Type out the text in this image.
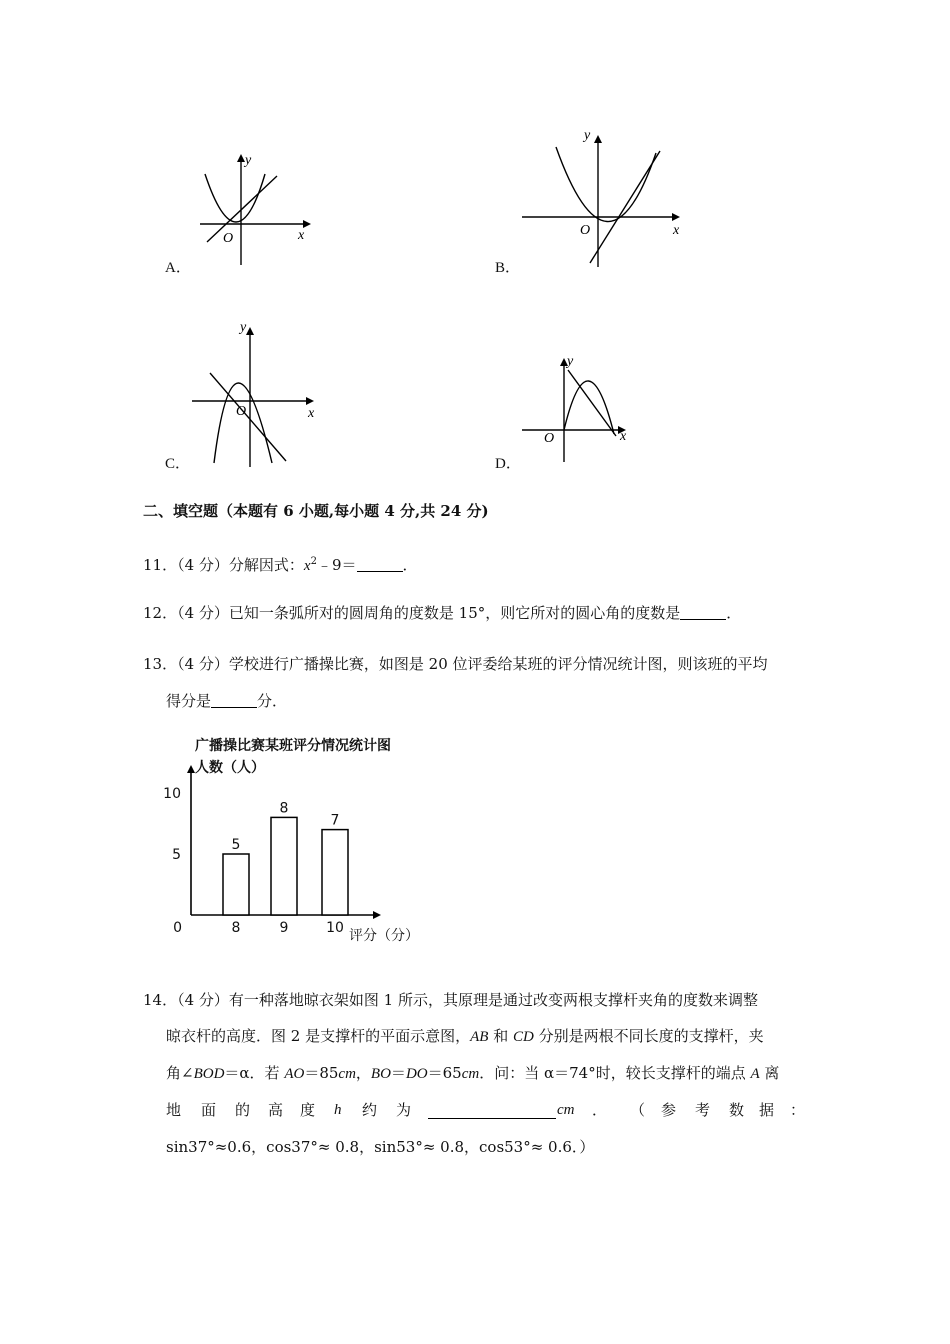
x
y
O
A．
x
y
O
B．
x
y
O
C．
x
y
O
D．
二、填空题（本题有 6 小题,每小题 4 分,共 24 分)
11．（4 分）分解因式：$x^2﹣9=$	．
12．（4 分）已知一条弧所对的圆周角的度数是 15°，则它所对的圆心角的度数是	．
13．（4 分）学校进行广播操比赛，如图是 20 位评委给某班的评分情况统计图，则该班的平均
得分是	分．
广播操比赛某班评分情况统计图
人数（人）
10
5
0
5
8
8
9
7
10 评分（分）
14．（4 分）有一种落地晾衣架如图 1 所示，其原理是通过改变两根支撑杆夹角的度数来调整
晾衣杆的高度．图 2 是支撑杆的平面示意图，AB 和 CD 分别是两根不同长度的支撑杆，夹
角∠BOD＝α．若 AO＝85cm，BO＝DO＝65cm．问：当 α＝74°时，较长支撑杆的端点 A 离
地 面 的 高 度 h 约 为	cm ． （ 参 考 数 据 ：
sin37°≈0.6，cos37°≈ 0.8，sin53°≈ 0.8，cos53°≈ 0.6．）
